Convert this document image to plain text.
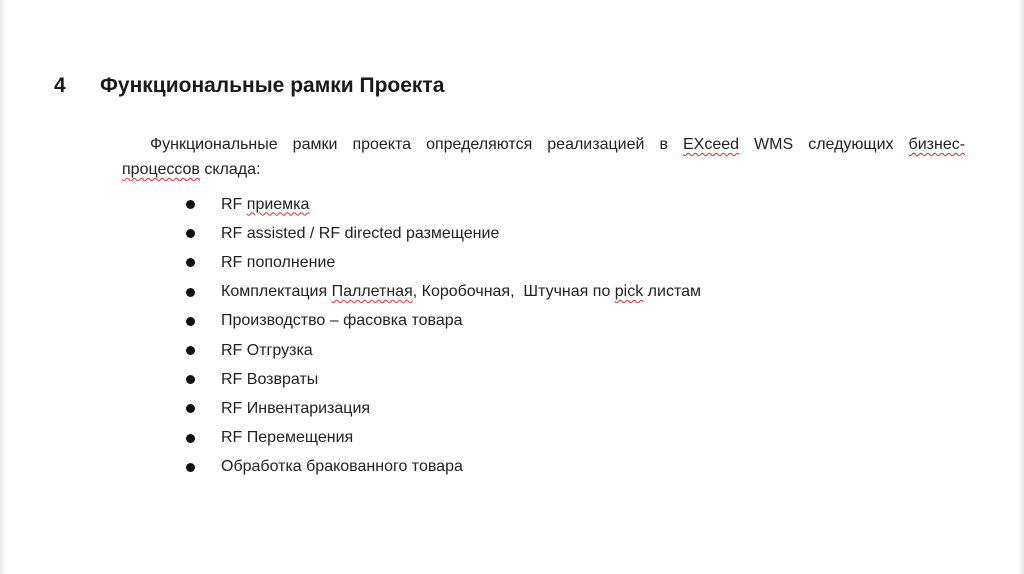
4 Функциональные рамки Проекта
Функциональные рамки проекта определяются реализацией в EXceed WMS следующих бизнес-
процессов склада:
RF приемка
RF assisted / RF directed размещение
RF пополнение
Комплектация Паллетная, Коробочная,  Штучная по pick листам
Производство – фасовка товара
RF Отгрузка
RF Возвраты
RF Инвентаризация
RF Перемещения
Обработка бракованного товара
